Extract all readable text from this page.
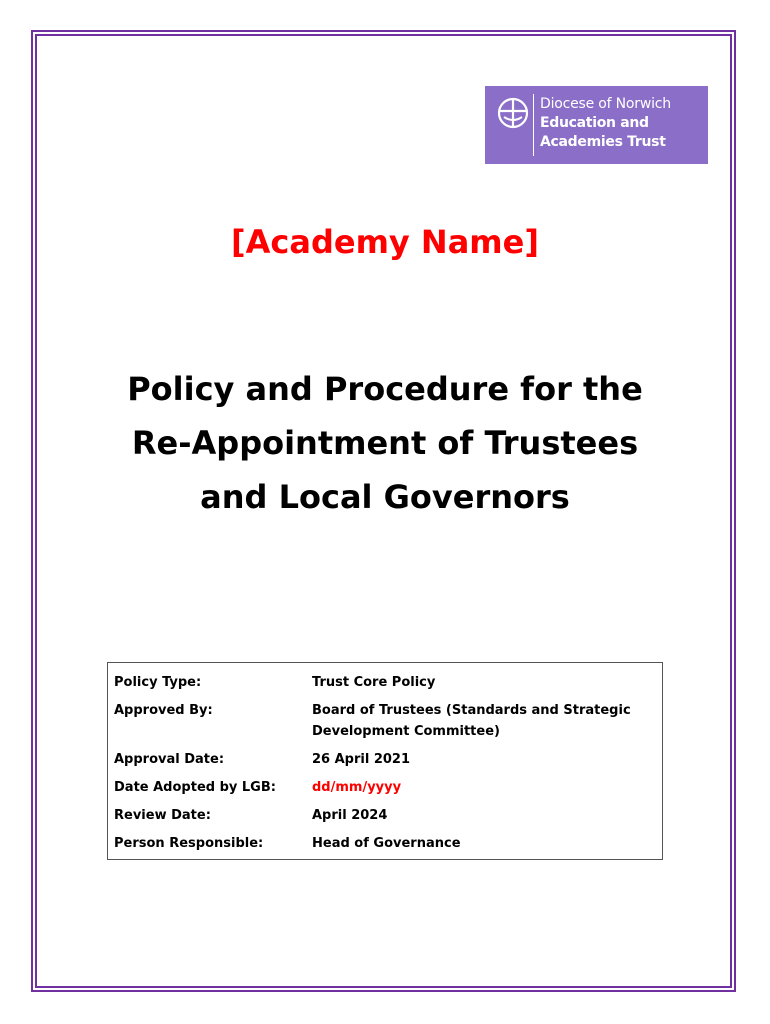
Diocese of Norwich
Education and
Academies Trust
[Academy Name]
Policy and Procedure for the
Re-Appointment of Trustees
and Local Governors
Policy Type:	Trust Core Policy
Approved By:	Board of Trustees (Standards and Strategic
Development Committee)

Approval Date:	26 April 2021
Date Adopted by LGB:	dd/mm/yyyy
Review Date:	April 2024
Person Responsible:	Head of Governance
